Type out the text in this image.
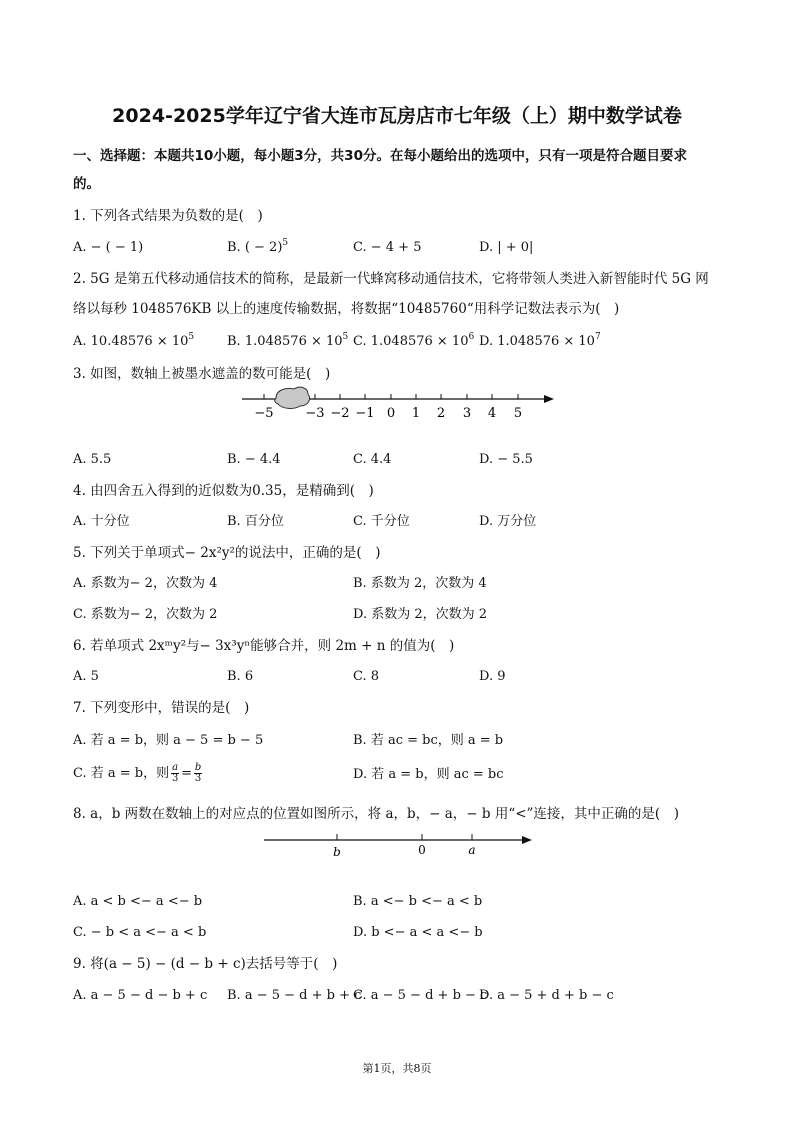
2024-2025学年辽宁省大连市瓦房店市七年级（上）期中数学试卷
一、选择题：本题共10小题，每小题3分，共30分。在每小题给出的选项中，只有一项是符合题目要求
的。
1. 下列各式结果为负数的是(　)
A. − ( − 1)	B. ( − 2)$^5$	C. − 4 + 5	D. | + 0|
2. 5G 是第五代移动通信技术的简称，是最新一代蜂窝移动通信技术，它将带领人类进入新智能时代 5G 网
络以每秒 1048576KB 以上的速度传输数据，将数据“10485760“用科学记数法表示为(　)
A. $10.48576 \times 10^5$	B. $1.048576 \times 10^5$ C. $1.048576 \times 10^6$ D. $1.048576 \times 10^7$
3. 如图，数轴上被墨水遮盖的数可能是(　)
−5 −3 −2 −1 0 1 2 3 4 5
A. 5.5	B. − 4.4	C. 4.4	D. − 5.5
4. 由四舍五入得到的近似数为0.35，是精确到(　)
A. 十分位	B. 百分位	C. 千分位	D. 万分位
5. 下列关于单项式− 2x²y²的说法中，正确的是(　)
A. 系数为− 2，次数为 4	B. 系数为 2，次数为 4
C. 系数为− 2，次数为 2	D. 系数为 2，次数为 2
6. 若单项式 2xᵐy²与− 3x³yⁿ能够合并，则 2m + n 的值为(　)
A. 5	B. 6	C. 8	D. 9
7. 下列变形中，错误的是(　)
A. 若 a = b，则 a − 5 = b − 5	B. 若 ac = bc，则 a = b
C. 若 a = b，则 $\frac{a}{3} = \frac{b}{3}$	D. 若 a = b，则 ac = bc
8. a，b 两数在数轴上的对应点的位置如图所示，将 a，b，− a，− b 用“<”连接，其中正确的是(　)
b	0	a
A. a < b <− a <− b	B. a <− b <− a < b
C. − b < a <− a < b	D. b <− a < a <− b
9. 将(a − 5) − (d − b + c)去括号等于(　)
A. a − 5 − d − b + c B. a − 5 − d + b + c
C. a − 5 − d + b − c
D. a − 5 + d + b − c
第1页，共8页
